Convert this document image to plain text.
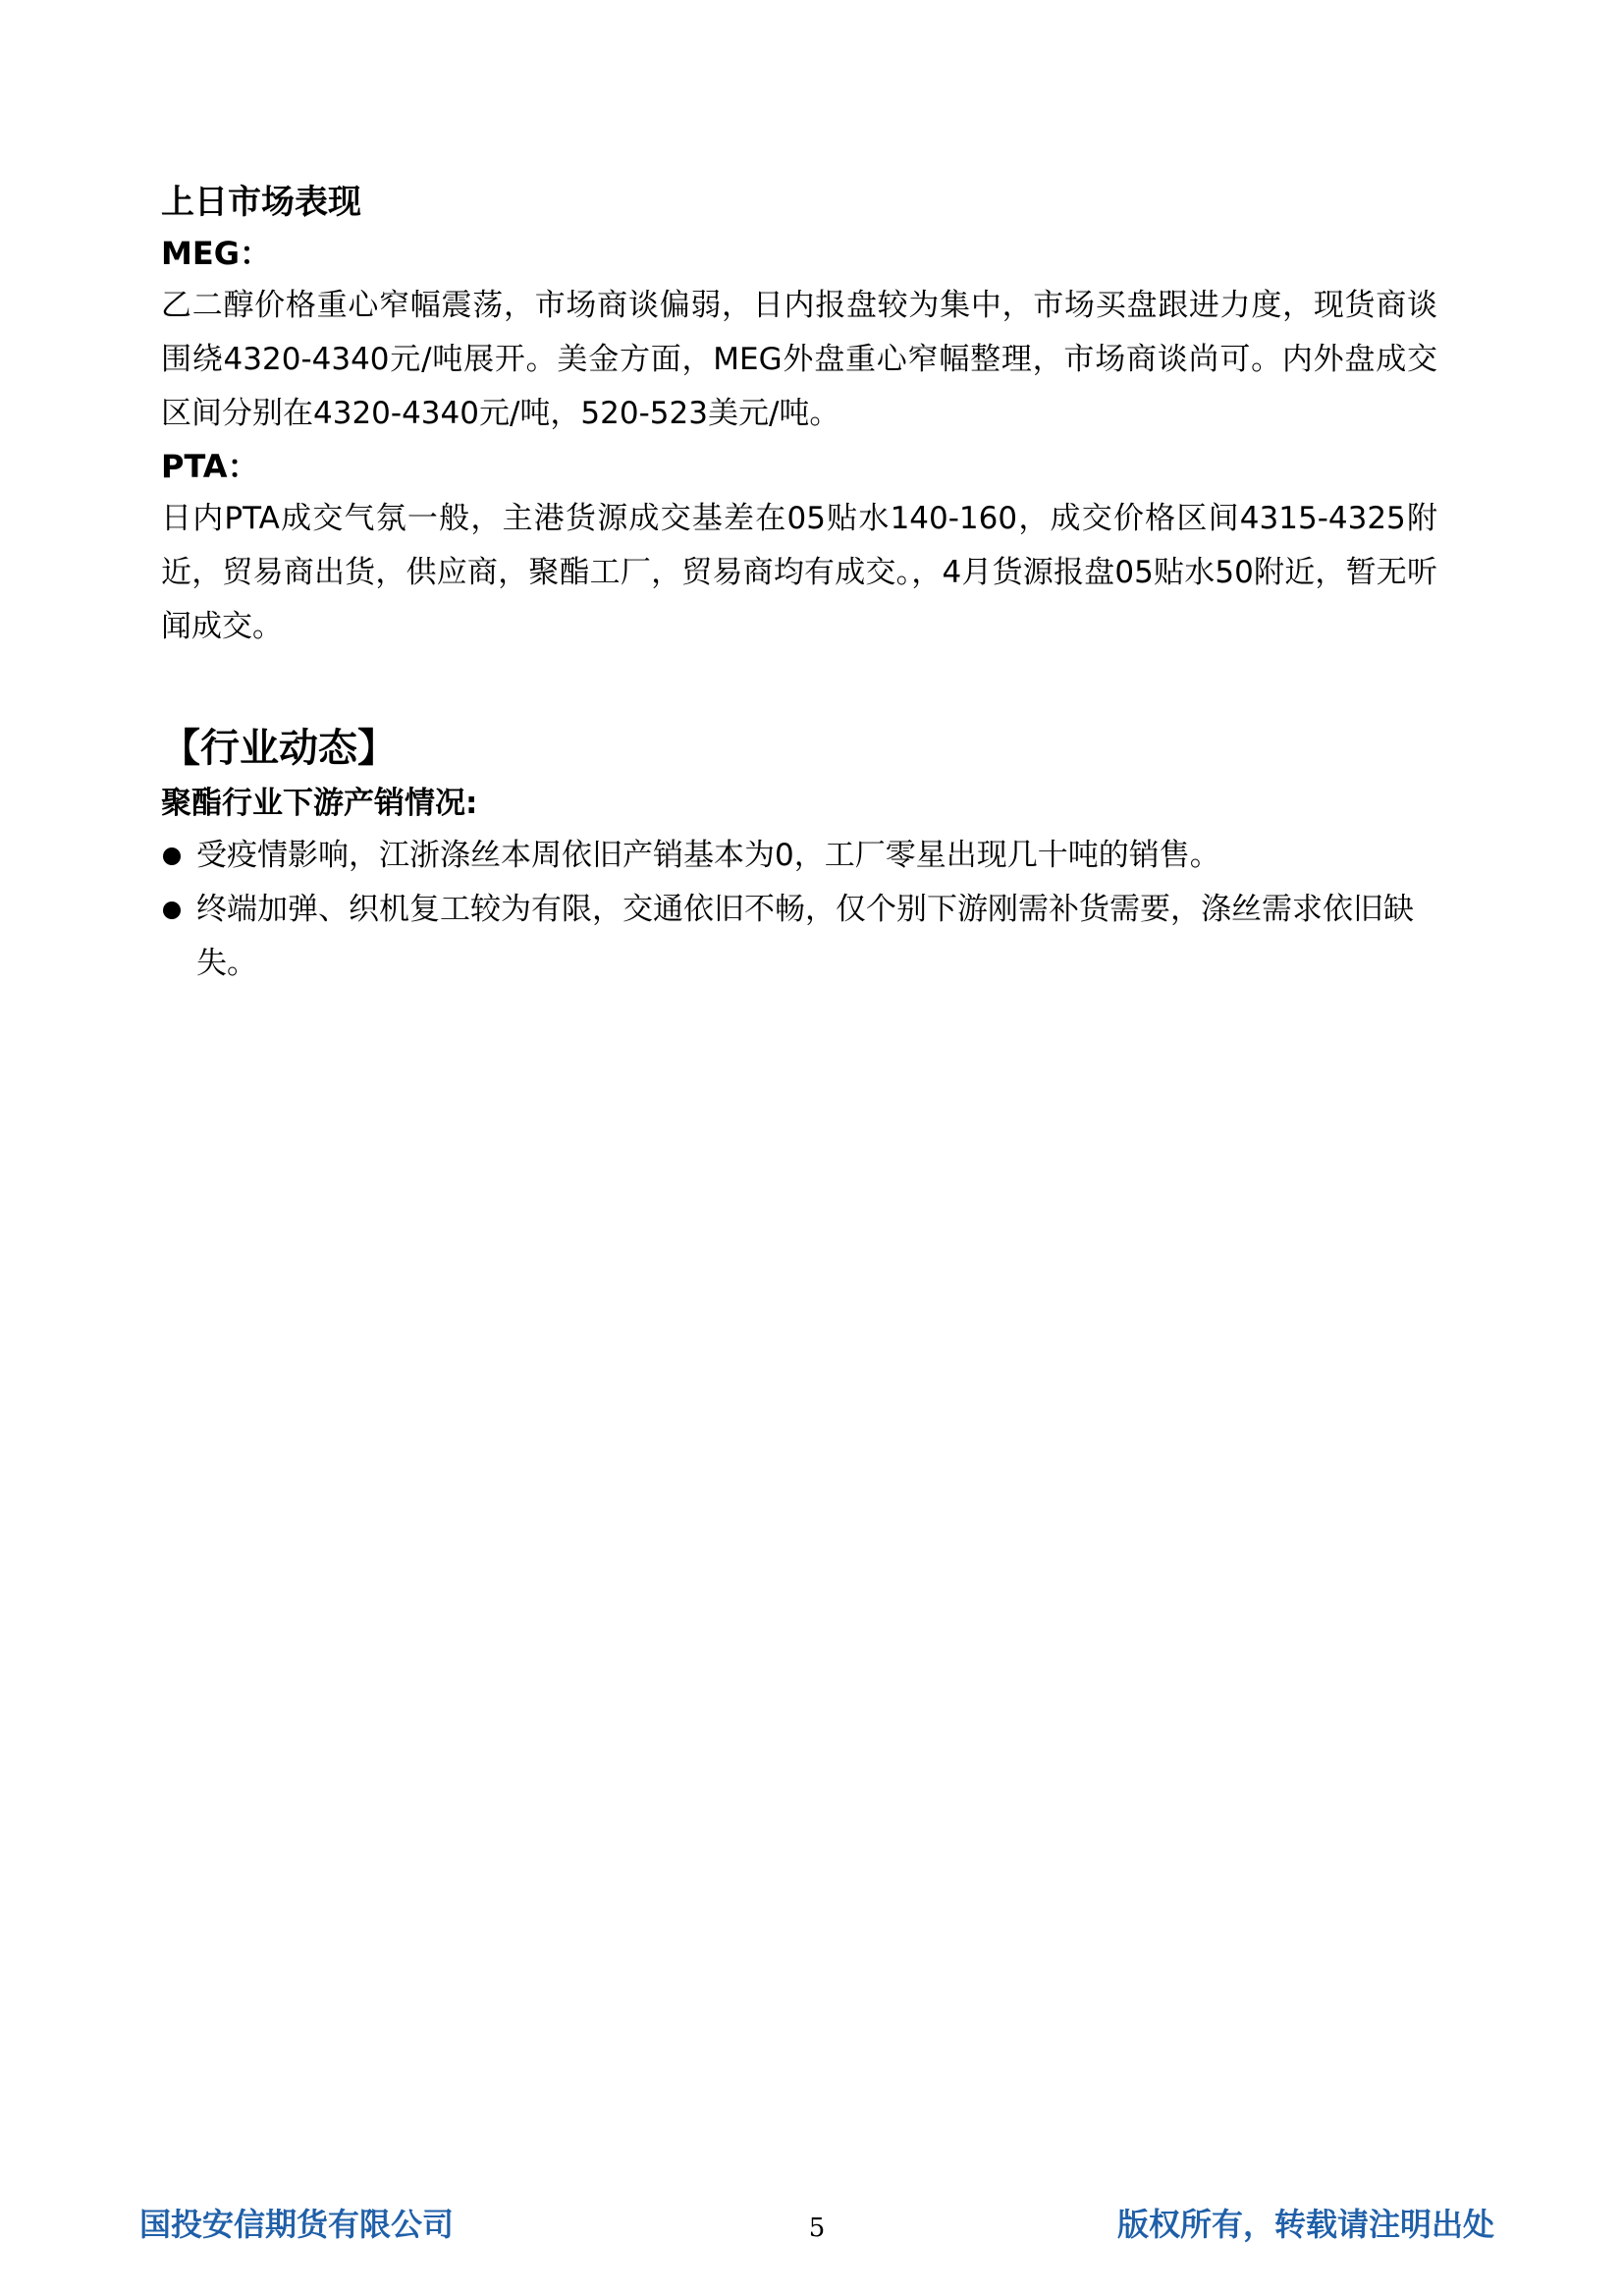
上日市场表现
MEG：

乙二醇价格重心窄幅震荡，市场商谈偏弱，日内报盘较为集中，市场买盘跟进力度，现货商谈围绕4320-4340元/吨展开。美金方面，MEG外盘重心窄幅整理，市场商谈尚可。内外盘成交区间分别在4320-4340元/吨，520-523美元/吨。

PTA：

日内PTA成交气氛一般，主港货源成交基差在05贴水140-160，成交价格区间4315-4325附近，贸易商出货，供应商，聚酯工厂，贸易商均有成交。，4月货源报盘05贴水50附近，暂无听闻成交。

【行业动态】
聚酯行业下游产销情况:
受疫情影响，江浙涤丝本周依旧产销基本为0，工厂零星出现几十吨的销售。
终端加弹、织机复工较为有限，交通依旧不畅，仅个别下游刚需补货需要，涤丝需求依旧缺失。
国投安信期货有限公司	5	版权所有，转载请注明出处
